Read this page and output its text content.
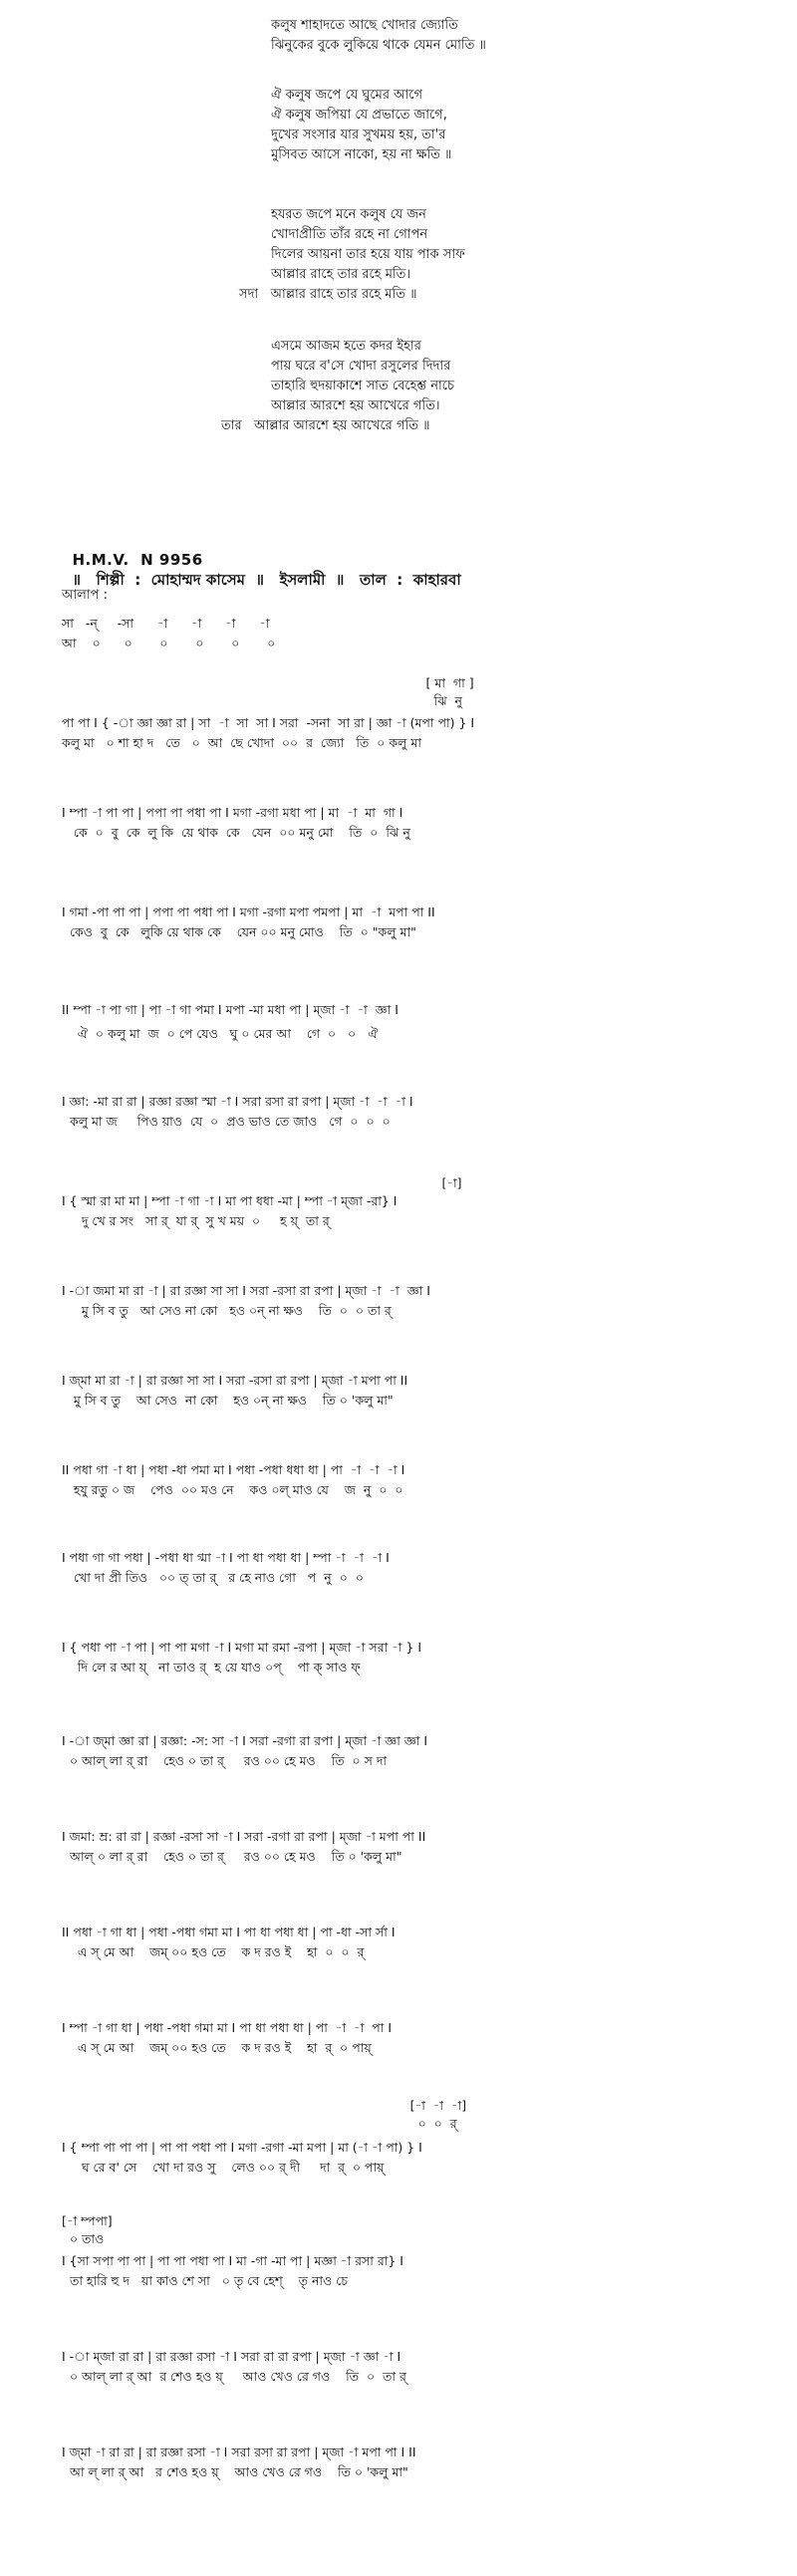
কলুষ শাহাদতে আছে খোদার জ্যোতি
ঝিনুকের বুকে লুকিয়ে থাকে যেমন মোতি ॥
ঐ কলুষ জপে যে ঘুমের আগে
ঐ কলুষ জপিয়া যে প্রভাতে জাগে,
দুখের সংসার যার সুখময় হয়, তা'র
মুসিবত আসে নাকো, হয় না ক্ষতি ॥
হযরত জপে মনে কলুষ যে জন
খোদাপ্রীতি তাঁর রহে না গোপন
দিলের আয়না তার হয়ে যায় পাক সাফ
আল্লার রাহে তার রহে মতি।
সদা   আল্লার রাহে তার রহে মতি ॥
এসমে আজম হতে কদর ইহার
পায় ঘরে ব'সে খোদা রসুলের দিদার
তাহারি হুদয়াকাশে সাত বেহেশ্ত নাচে
আল্লার আরশে হয় আখেরে গতি।
তার   আল্লার আরশে হয় আখেরে গতি ॥

H.M.V.  N 9956
॥   শিল্পী  :  মোহাম্মদ কাসেম  ॥   ইসলামী  ॥   তাল  :  কাহারবা

আলাপ :
সা   -ন্     -সা      -া      -া      -া      -া
আ    ০      ০       ০       ০       ০       ০
[ মা  গা ]
ঝি  নু
পা পা I { -া জ্ঞা জ্ঞা রা | সা  -া  সা  সা I সরা  -সনা  সা রা | জ্ঞা -া (মপা পা) } I
কলু মা   ০ শা হা দ   তে   ০  আ  ছে খোদা  ০০  র  জ্যো   তি  ০ কলু মা
I ম্পা -া পা পা | পপা পা পধা পা I মগা -রগা মধা পা | মা  -া  মা  গা I
কে  ০  বু  কে  লু কি  য়ে থাক  কে   যেন  ০০ মনু মো    তি  ০  ঝি নু
I গমা -পা পা পা | পপা পা পধা পা I মগা -রগা মপা পমপা | মা  -া  মপা পা II
কেও  বু  কে   লুকি য়ে থাক কে    যেন ০০ মনু মোও    তি  ০ "কলু মা"
II ম্পা -া পা গা | পা -া গা পমা I মপা -মা মধা পা | ম্জা -া  -া  জ্ঞা I
ঐ  ০ কলু মা  জ  ০ পে যেও   ঘু ০ মের আ    গে  ০   ০   ঐ
I জ্ঞা: -মা রা রা | রজ্ঞা রজ্ঞা স্মা -া I সরা রসা রা রপা | ম্জা -া  -া  -া I
কলু মা জ     পিও য়াও  যে  ০  প্রও ভাও তে জাও   গে  ০  ০  ০
[-া]
I { স্মা রা মা মা | ম্পা -া গা -া I মা পা ধধা -মা | ম্পা -া ম্জা -রা} I
দু খে র সং   সা র্  যা র্  সু খ ময়  ০     হ য়্  তা র্
I -া জমা মা রা -া | রা রজ্ঞা সা সা I সরা -রসা রা রপা | ম্জা -া  -া  জ্ঞা I
মু সি ব তু   আ সেও না কো   হও ০ন্ না ক্ষও    তি  ০  ০ তা র্
I জ্মা মা রা -া | রা রজ্ঞা সা সা I সরা -রসা রা রপা | ম্জা -া মপা পা II
মু সি ব তু    আ সেও  না কো    হও ০ন্ না ক্ষও    তি ০ 'কলু মা"
II পধা গা -া ধা | পধা -ধা পমা মা I পধা -পধা ধধা ধা | পা  -া  -া  -া I
হযু রতু ০ জ    পেও  ০০ মও নে    কও ০ল্ মাও যে    জ  নু  ০  ০
I পধা গা গা পধা | -পধা ধা গ্মা -া I পা ধা পধা ধা | ম্পা -া  -া  -া I
খো দা প্রী তিও   ০০ ত্ তা র্   র হে নাও গো   প  নু  ০  ০
I { পধা পা -া পা | পা পা মগা -া I মগা মা রমা -রপা | ম্জা -া সরা -া } I
দি লে র আ য়্   না তাও র্  হ য়ে যাও ০প্    পা ক্ সাও ফ্
I -া জ্মা জ্ঞা রা | রজ্ঞা: -স: সা -া I সরা -রগা রা রপা | ম্জা -া জ্ঞা জ্ঞা I
০ আল্ লা র্ রা    হেও ০ তা র্     রও ০০ হে মও    তি  ০ স দা
I জমা: ম্র: রা রা | রজ্ঞা -রসা সা -া I সরা -রগা রা রপা | ম্জা -া মপা পা II
আল্ ০ লা র্ রা    হেও ০ তা র্     রও ০০ হে মও    তি ০ 'কলু মা"
II পধা -া গা ধা | পধা -পধা গমা মা I পা ধা পধা ধা | পা -ধা -সা র্সা I
এ স্ মে আ    জম্ ০০ হও তে    ক দ রও ই    হা  ০  ০  র্
I ম্পা -া গা ধা | পধা -পধা গমা মা I পা ধা পধা ধা | পা  -া  -া  পা I
এ স্ মে আ    জম্ ০০ হও তে    ক দ রও ই    হা  র্  ০ পায়্
[-া  -া  -া]
০  ০  র্
I { ম্পা পা পা পা | পা পা পধা পা I মগা -রগা -মা মপা | মা (-া -া পা) } I
ঘ রে ব' সে    খো দা রও সু    লেও ০০ র্ দী     দা  র্  ০ পায়্
[-া ম্পপা]
০ তাও
I {সা সপা পা পা | পা পা পধা পা I মা -গা -মা পা | মজ্ঞা -া রসা রা} I
তা হারি হু দ   য়া কাও শে সা   ০ তৃ বে হেশ্    তৃ নাও চে
I -া ম্জা রা রা | রা রজ্ঞা রসা -া I সরা রা রা রপা | ম্জা -া জ্ঞা -া I
০ আল্ লা র্ আ  র শেও হও য়্     আও খেও রে গও    তি  ০  তা র্
I জ্মা -া রা রা | রা রজ্ঞা রসা -া I সরা রসা রা রপা | ম্জা -া মপা পা I II
আ ল্ লা র্ আ   র শেও হও য়্    আও খেও রে গও    তি ০ 'কলু মা"
